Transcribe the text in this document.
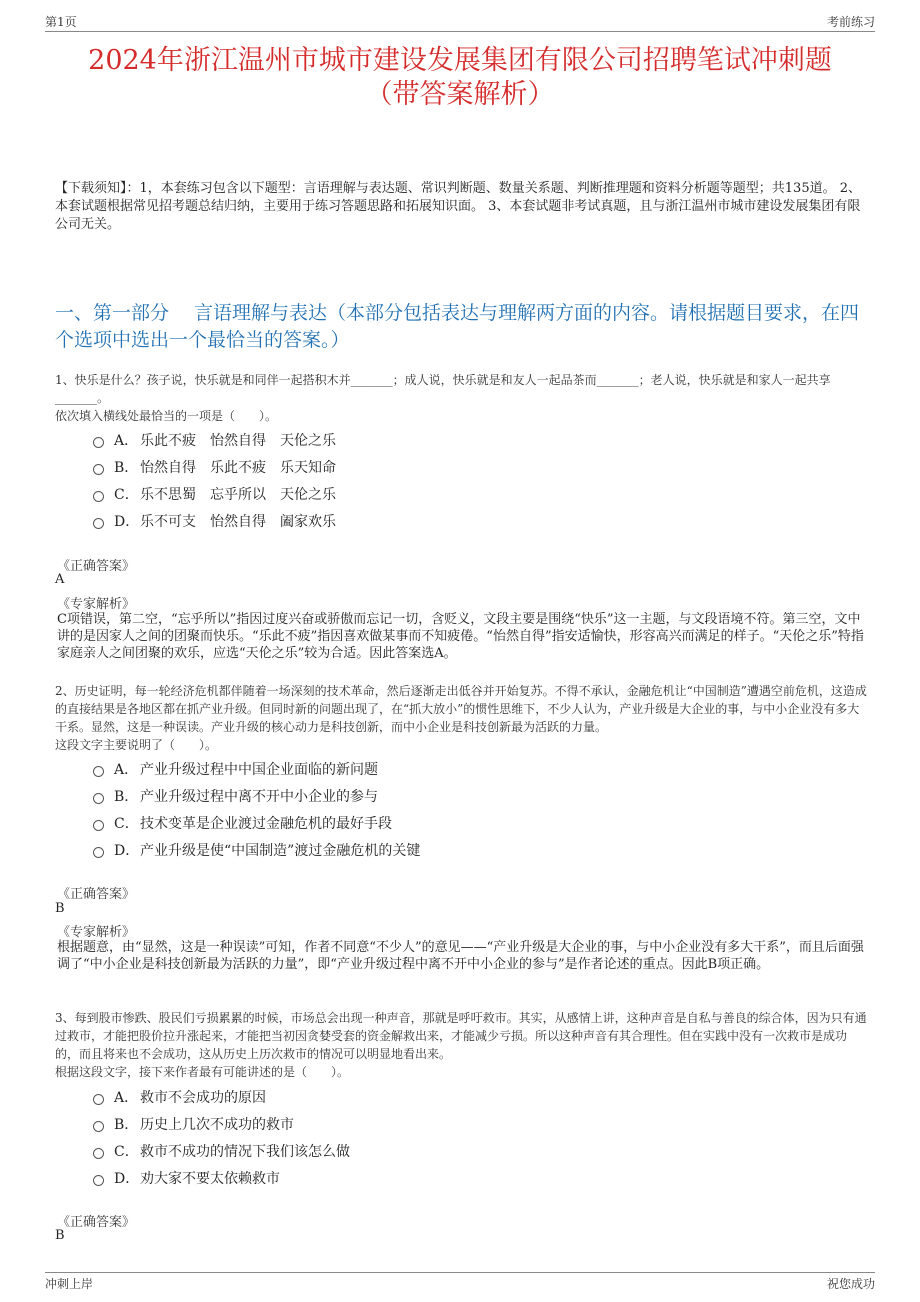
第1页	考前练习
2024年浙江温州市城市建设发展集团有限公司招聘笔试冲刺题
（带答案解析）
【下载须知】：1，本套练习包含以下题型：言语理解与表达题、常识判断题、数量关系题、判断推理题和资料分析题等题型；共135道。 2、本套试题根据常见招考题总结归纳，主要用于练习答题思路和拓展知识面。 3、本套试题非考试真题，且与浙江温州市城市建设发展集团有限公司无关。
一、第一部分　 言语理解与表达（本部分包括表达与理解两方面的内容。请根据题目要求，在四个选项中选出一个最恰当的答案。）
1、快乐是什么？孩子说，快乐就是和同伴一起搭积木并_______；成人说，快乐就是和友人一起品茶而_______；老人说，快乐就是和家人一起共享_______。
依次填入横线处最恰当的一项是（　　）。
A． 乐此不疲　怡然自得　天伦之乐
B． 怡然自得　乐此不疲　乐天知命
C． 乐不思蜀　忘乎所以　天伦之乐
D． 乐不可支　怡然自得　阖家欢乐
《正确答案》
A
《专家解析》
C项错误，第二空，“忘乎所以”指因过度兴奋或骄傲而忘记一切，含贬义，文段主要是围绕“快乐”这一主题，与文段语境不符。第三空，文中讲的是因家人之间的团聚而快乐。“乐此不疲”指因喜欢做某事而不知疲倦。“怡然自得”指安适愉快，形容高兴而满足的样子。“天伦之乐”特指家庭亲人之间团聚的欢乐，应选“天伦之乐”较为合适。因此答案选A。
2、历史证明，每一轮经济危机都伴随着一场深刻的技术革命，然后逐渐走出低谷并开始复苏。不得不承认，金融危机让“中国制造”遭遇空前危机，这造成的直接结果是各地区都在抓产业升级。但同时新的问题出现了，在“抓大放小”的惯性思维下，不少人认为，产业升级是大企业的事，与中小企业没有多大干系。显然，这是一种误读。产业升级的核心动力是科技创新，而中小企业是科技创新最为活跃的力量。
这段文字主要说明了（　　）。
A． 产业升级过程中中国企业面临的新问题
B． 产业升级过程中离不开中小企业的参与
C． 技术变革是企业渡过金融危机的最好手段
D． 产业升级是使“中国制造”渡过金融危机的关键
《正确答案》
B
《专家解析》
根据题意，由“显然，这是一种误读”可知，作者不同意“不少人”的意见——“产业升级是大企业的事，与中小企业没有多大干系”，而且后面强调了“中小企业是科技创新最为活跃的力量”，即“产业升级过程中离不开中小企业的参与”是作者论述的重点。因此B项正确。
3、每到股市惨跌、股民们亏损累累的时候，市场总会出现一种声音，那就是呼吁救市。其实，从感情上讲，这种声音是自私与善良的综合体，因为只有通过救市，才能把股价拉升涨起来，才能把当初因贪婪受套的资金解救出来，才能减少亏损。所以这种声音有其合理性。但在实践中没有一次救市是成功的，而且将来也不会成功，这从历史上历次救市的情况可以明显地看出来。
根据这段文字，接下来作者最有可能讲述的是（　　）。
A． 救市不会成功的原因
B． 历史上几次不成功的救市
C． 救市不成功的情况下我们该怎么做
D． 劝大家不要太依赖救市
《正确答案》
B
冲刺上岸	祝您成功
